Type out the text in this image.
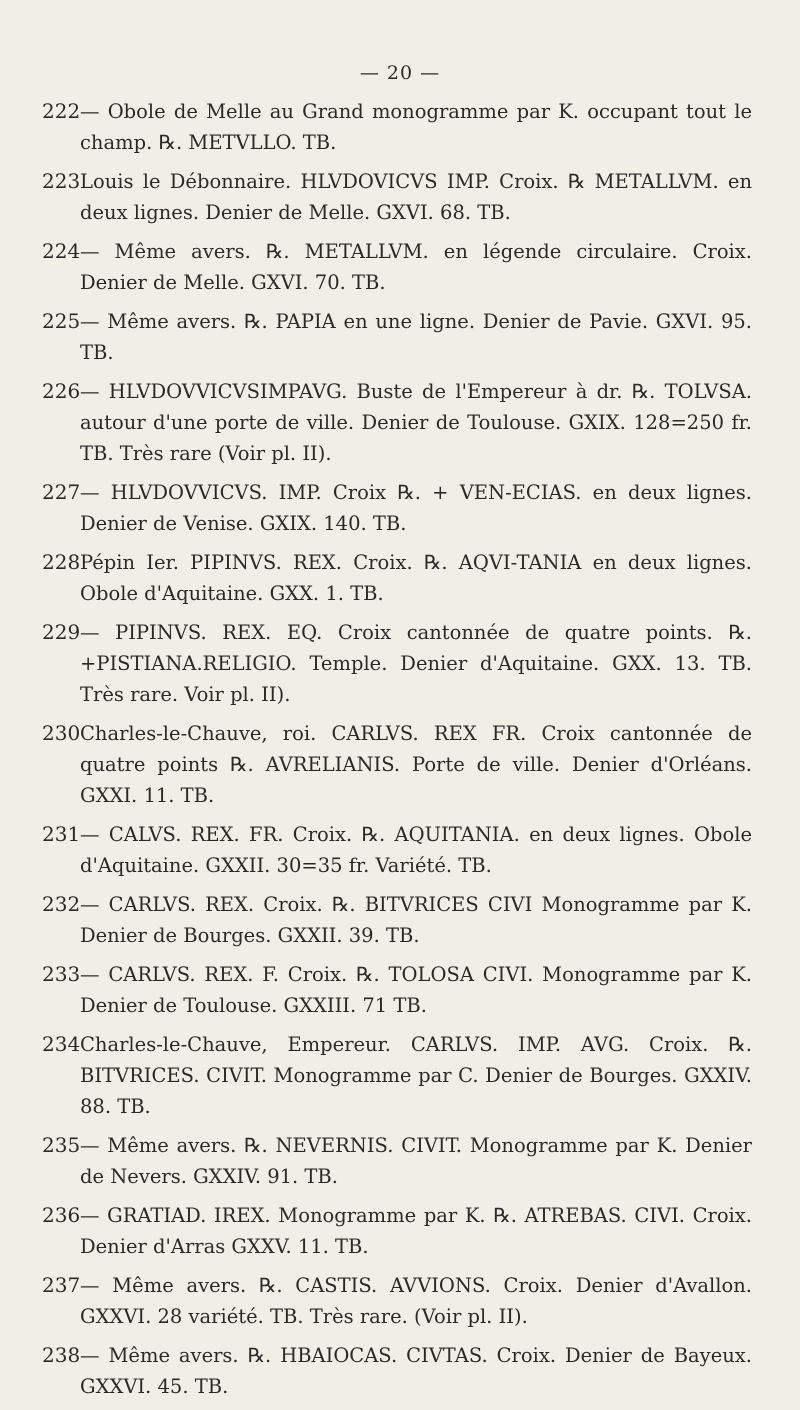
— 20 —
222 — Obole de Melle au Grand monogramme par K. occupant tout le champ. ℞. METVLLO. TB.
223 Louis le Débonnaire. HLVDOVICVS IMP. Croix. ℞ METALLVM. en deux lignes. Denier de Melle. GXVI. 68. TB.
224 — Même avers. ℞. METALLVM. en légende circulaire. Croix. Denier de Melle. GXVI. 70. TB.
225 — Même avers. ℞. PAPIA en une ligne. Denier de Pavie. GXVI. 95. TB.
226 — HLVDOVVICVSIMPAVG. Buste de l'Empereur à dr. ℞. TOLVSA. autour d'une porte de ville. Denier de Toulouse. GXIX. 128=250 fr. TB. Très rare (Voir pl. II).
227 — HLVDOVVICVS. IMP. Croix ℞. + VEN-ECIAS. en deux lignes. Denier de Venise. GXIX. 140. TB.
228 Pépin Ier. PIPINVS. REX. Croix. ℞. AQVI-TANIA en deux lignes. Obole d'Aquitaine. GXX. 1. TB.
229 — PIPINVS. REX. EQ. Croix cantonnée de quatre points. ℞. +PISTIANA.RELIGIO. Temple. Denier d'Aquitaine. GXX. 13. TB. Très rare. Voir pl. II).
230 Charles-le-Chauve, roi. CARLVS. REX FR. Croix cantonnée de quatre points ℞. AVRELIANIS. Porte de ville. Denier d'Orléans. GXXI. 11. TB.
231 — CALVS. REX. FR. Croix. ℞. AQUITANIA. en deux lignes. Obole d'Aquitaine. GXXII. 30=35 fr. Variété. TB.
232 — CARLVS. REX. Croix. ℞. BITVRICES CIVI Monogramme par K. Denier de Bourges. GXXII. 39. TB.
233 — CARLVS. REX. F. Croix. ℞. TOLOSA CIVI. Monogramme par K. Denier de Toulouse. GXXIII. 71 TB.
234 Charles-le-Chauve, Empereur. CARLVS. IMP. AVG. Croix. ℞. BITVRICES. CIVIT. Monogramme par C. Denier de Bourges. GXXIV. 88. TB.
235 — Même avers. ℞. NEVERNIS. CIVIT. Monogramme par K. Denier de Nevers. GXXIV. 91. TB.
236 — GRATIAD. IREX. Monogramme par K. ℞. ATREBAS. CIVI. Croix. Denier d'Arras GXXV. 11. TB.
237 — Même avers. ℞. CASTIS. AVVIONS. Croix. Denier d'Avallon. GXXVI. 28 variété. TB. Très rare. (Voir pl. II).
238 — Même avers. ℞. HBAIOCAS. CIVTAS. Croix. Denier de Bayeux. GXXVI. 45. TB.
